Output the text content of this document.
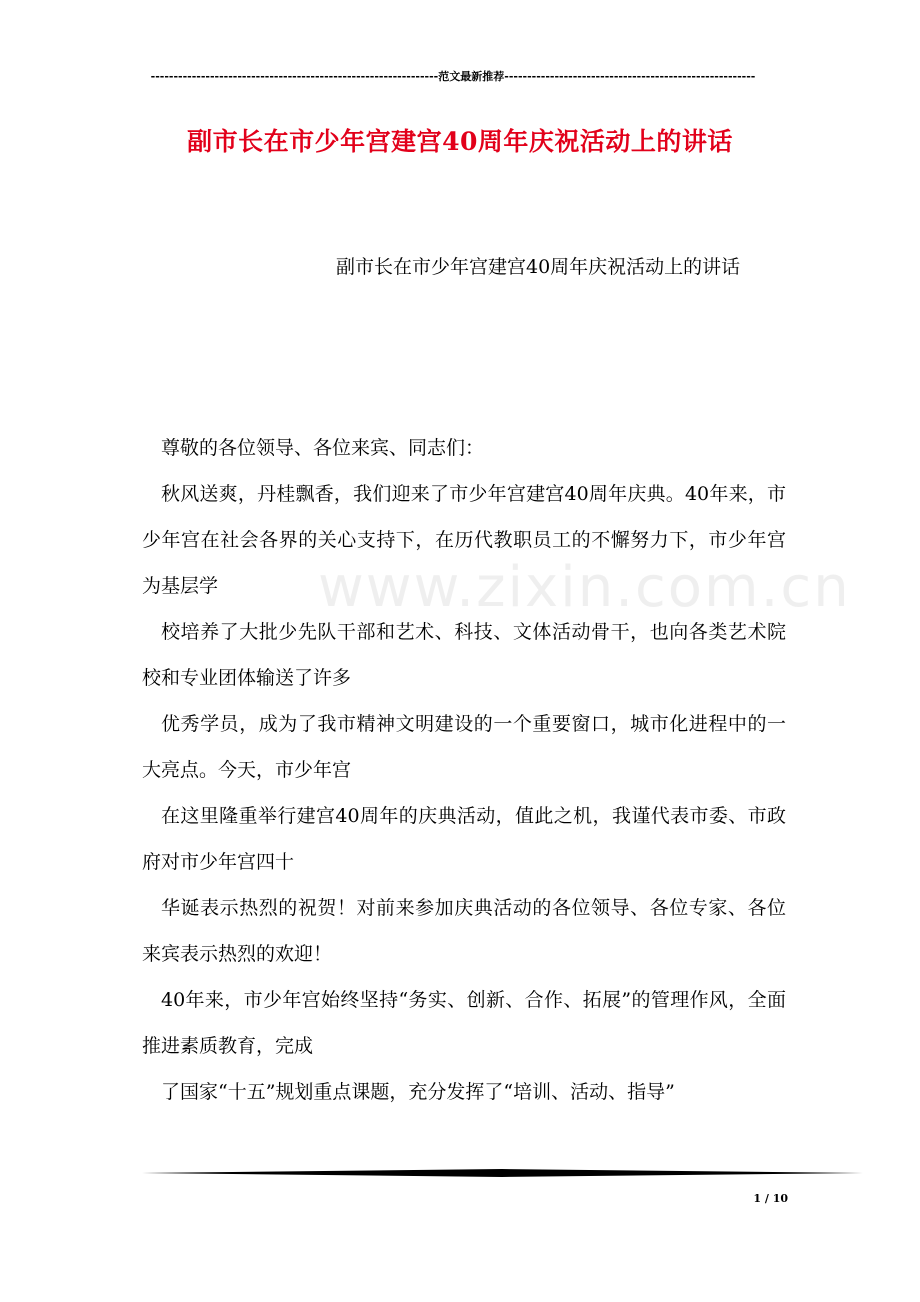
---------------------------------------------------------------范文最新推荐-------------------------------------------------------
副市长在市少年宫建宫40周年庆祝活动上的讲话
副市长在市少年宫建宫40周年庆祝活动上的讲话
www.zixin.com.cn

尊敬的各位领导、各位来宾、同志们：

秋风送爽，丹桂飘香，我们迎来了市少年宫建宫40周年庆典。40年来，市少年宫在社会各界的关心支持下，在历代教职员工的不懈努力下，市少年宫为基层学

校培养了大批少先队干部和艺术、科技、文体活动骨干，也向各类艺术院校和专业团体输送了许多

优秀学员，成为了我市精神文明建设的一个重要窗口，城市化进程中的一大亮点。今天，市少年宫

在这里隆重举行建宫40周年的庆典活动，值此之机，我谨代表市委、市政府对市少年宫四十

华诞表示热烈的祝贺！对前来参加庆典活动的各位领导、各位专家、各位来宾表示热烈的欢迎！

40年来，市少年宫始终坚持“务实、创新、合作、拓展”的管理作风，全面推进素质教育，完成

了国家“十五”规划重点课题，充分发挥了“培训、活动、指导”

1 / 10
